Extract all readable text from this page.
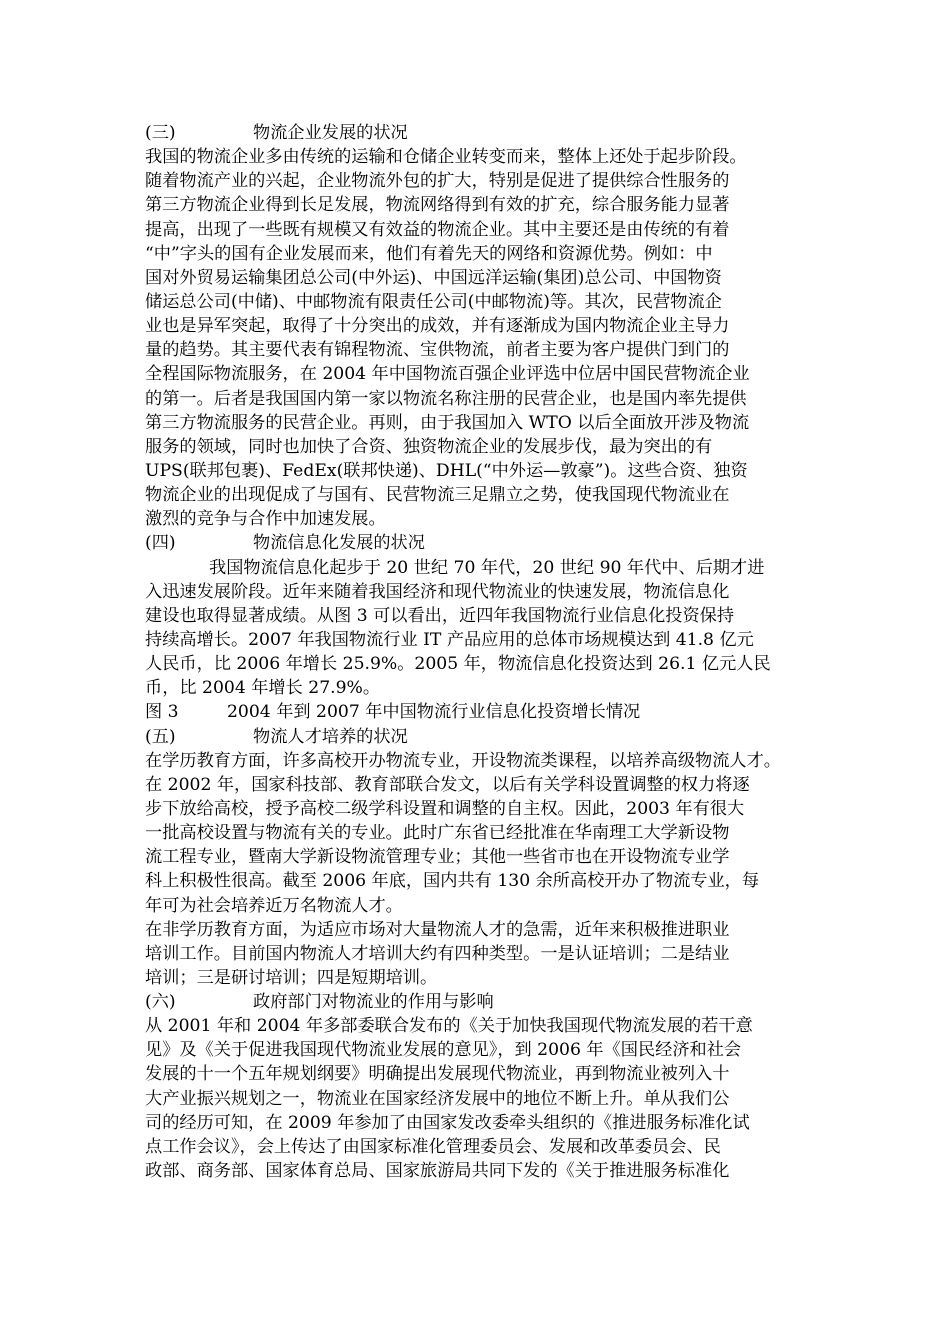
(三)	物流企业发展的状况
我国的物流企业多由传统的运输和仓储企业转变而来，整体上还处于起步阶段。
随着物流产业的兴起，企业物流外包的扩大，特别是促进了提供综合性服务的
第三方物流企业得到长足发展，物流网络得到有效的扩充，综合服务能力显著
提高，出现了一些既有规模又有效益的物流企业。其中主要还是由传统的有着
“中”字头的国有企业发展而来，他们有着先天的网络和资源优势。例如：中
国对外贸易运输集团总公司(中外运)、中国远洋运输(集团)总公司、中国物资
储运总公司(中储)、中邮物流有限责任公司(中邮物流)等。其次，民营物流企
业也是异军突起，取得了十分突出的成效，并有逐渐成为国内物流企业主导力
量的趋势。其主要代表有锦程物流、宝供物流，前者主要为客户提供门到门的
全程国际物流服务，在 2004 年中国物流百强企业评选中位居中国民营物流企业
的第一。后者是我国国内第一家以物流名称注册的民营企业，也是国内率先提供
第三方物流服务的民营企业。再则，由于我国加入 WTO 以后全面放开涉及物流
服务的领域，同时也加快了合资、独资物流企业的发展步伐，最为突出的有
UPS(联邦包裹)、FedEx(联邦快递)、DHL(“中外运—敦豪”)。这些合资、独资
物流企业的出现促成了与国有、民营物流三足鼎立之势，使我国现代物流业在
激烈的竞争与合作中加速发展。
(四)	物流信息化发展的状况
我国物流信息化起步于 20 世纪 70 年代，20 世纪 90 年代中、后期才进
入迅速发展阶段。近年来随着我国经济和现代物流业的快速发展，物流信息化
建设也取得显著成绩。从图 3 可以看出，近四年我国物流行业信息化投资保持
持续高增长。2007 年我国物流行业 IT 产品应用的总体市场规模达到 41.8 亿元
人民币，比 2006 年增长 25.9%。2005 年，物流信息化投资达到 26.1 亿元人民
币，比 2004 年增长 27.9%。
图 3	2004 年到 2007 年中国物流行业信息化投资增长情况
(五)	物流人才培养的状况
在学历教育方面，许多高校开办物流专业，开设物流类课程，以培养高级物流人才。
在 2002 年，国家科技部、教育部联合发文，以后有关学科设置调整的权力将逐
步下放给高校，授予高校二级学科设置和调整的自主权。因此，2003 年有很大
一批高校设置与物流有关的专业。此时广东省已经批准在华南理工大学新设物
流工程专业，暨南大学新设物流管理专业；其他一些省市也在开设物流专业学
科上积极性很高。截至 2006 年底，国内共有 130 余所高校开办了物流专业，每
年可为社会培养近万名物流人才。
在非学历教育方面，为适应市场对大量物流人才的急需，近年来积极推进职业
培训工作。目前国内物流人才培训大约有四种类型。一是认证培训；二是结业
培训；三是研讨培训；四是短期培训。
(六)	政府部门对物流业的作用与影响
从 2001 年和 2004 年多部委联合发布的《关于加快我国现代物流发展的若干意
见》及《关于促进我国现代物流业发展的意见》，到 2006 年《国民经济和社会
发展的十一个五年规划纲要》明确提出发展现代物流业，再到物流业被列入十
大产业振兴规划之一，物流业在国家经济发展中的地位不断上升。单从我们公
司的经历可知，在 2009 年参加了由国家发改委牵头组织的《推进服务标准化试
点工作会议》，会上传达了由国家标准化管理委员会、发展和改革委员会、民
政部、商务部、国家体育总局、国家旅游局共同下发的《关于推进服务标准化
